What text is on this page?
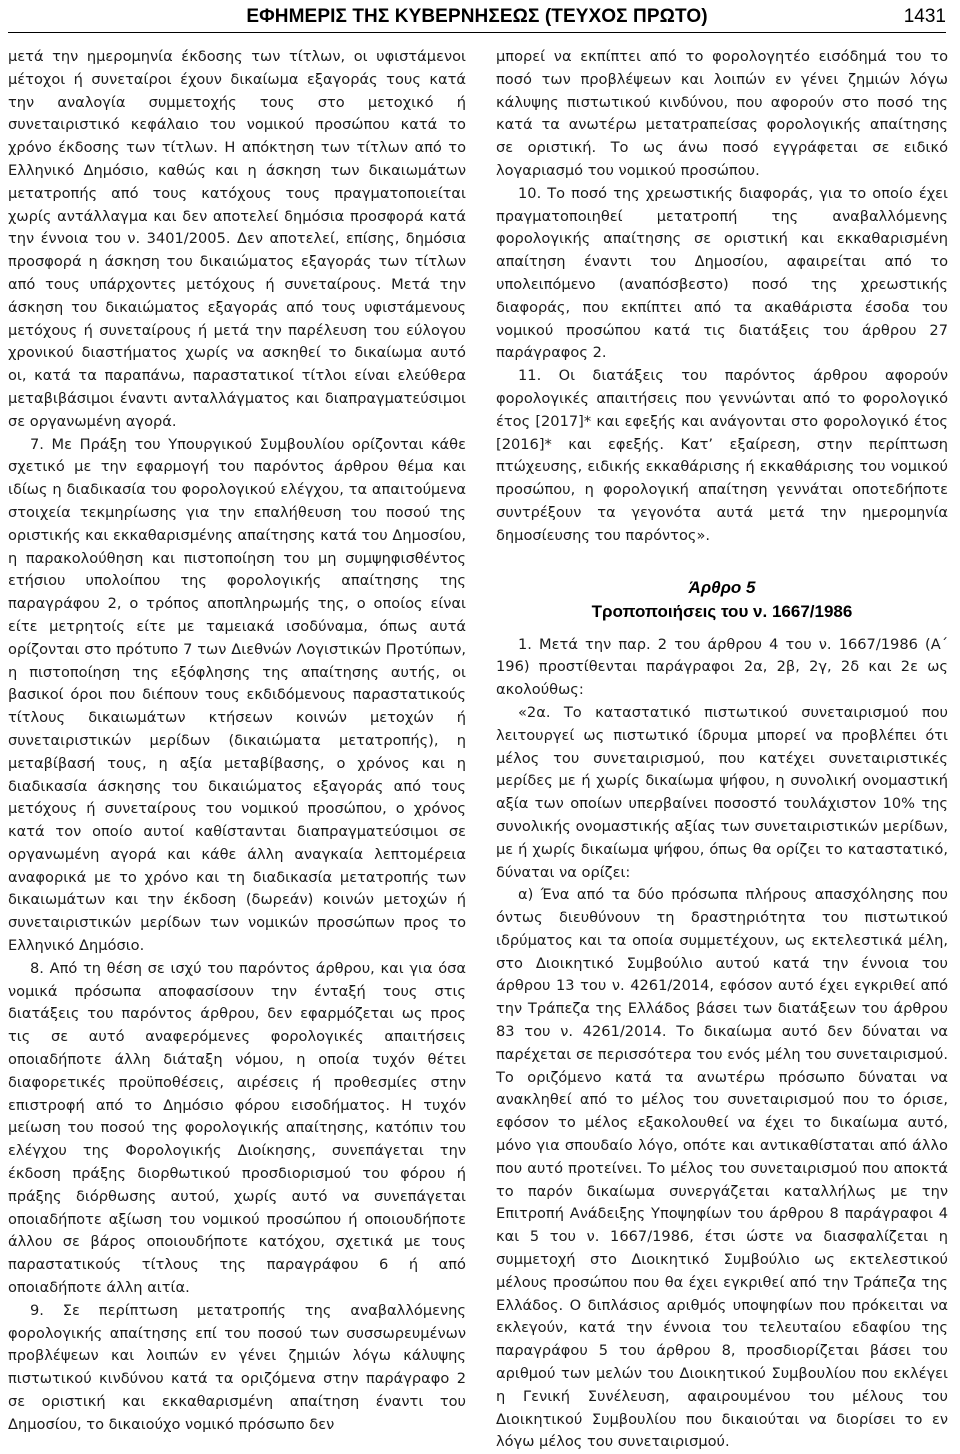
ΕΦΗΜΕΡΙΣ ΤΗΣ ΚΥΒΕΡΝΗΣΕΩΣ (ΤΕΥΧΟΣ ΠΡΩΤΟ)	1431

μετά την ημερομηνία έκδοσης των τίτλων, οι υφιστάμενοι μέτοχοι ή συνεταίροι έχουν δικαίωμα εξαγοράς τους κατά την αναλογία συμμετοχής τους στο μετοχικό ή συνεταιριστικό κεφάλαιο του νομικού προσώπου κατά το χρόνο έκδοσης των τίτλων. Η απόκτηση των τίτλων από το Ελληνικό Δημόσιο, καθώς και η άσκηση των δικαιωμάτων μετατροπής από τους κατόχους τους πραγματοποιείται χωρίς αντάλλαγμα και δεν αποτελεί δημόσια προσφορά κατά την έννοια του ν. 3401/2005. Δεν αποτελεί, επίσης, δημόσια προσφορά η άσκηση του δικαιώματος εξαγοράς των τίτλων από τους υπάρχοντες μετόχους ή συνεταίρους. Μετά την άσκηση του δικαιώματος εξαγοράς από τους υφιστάμενους μετόχους ή συνεταίρους ή μετά την παρέλευση του εύλογου χρονικού διαστήματος χωρίς να ασκηθεί το δικαίωμα αυτό οι, κατά τα παραπάνω, παραστατικοί τίτλοι είναι ελεύθερα μεταβιβάσιμοι έναντι ανταλλάγματος και διαπραγματεύσιμοι σε οργανωμένη αγορά.

7. Με Πράξη του Υπουργικού Συμβουλίου ορίζονται κάθε σχετικό με την εφαρμογή του παρόντος άρθρου θέμα και ιδίως η διαδικασία του φορολογικού ελέγχου, τα απαιτούμενα στοιχεία τεκμηρίωσης για την επαλήθευση του ποσού της οριστικής και εκκαθαρισμένης απαίτησης κατά του Δημοσίου, η παρακολούθηση και πιστοποίηση του μη συμψηφισθέντος ετήσιου υπολοίπου της φορολογικής απαίτησης της παραγράφου 2, ο τρόπος αποπληρωμής της, ο οποίος είναι είτε μετρητοίς είτε με ταμειακά ισοδύναμα, όπως αυτά ορίζονται στο πρότυπο 7 των Διεθνών Λογιστικών Προτύπων, η πιστοποίηση της εξόφλησης της απαίτησης αυτής, οι βασικοί όροι που διέπουν τους εκδιδόμενους παραστατικούς τίτλους δικαιωμάτων κτήσεων κοινών μετοχών ή συνεταιριστικών μερίδων (δικαιώματα μετατροπής), η μεταβίβασή τους, η αξία μεταβίβασης, ο χρόνος και η διαδικασία άσκησης του δικαιώματος εξαγοράς από τους μετόχους ή συνεταίρους του νομικού προσώπου, ο χρόνος κατά τον οποίο αυτοί καθίστανται διαπραγματεύσιμοι σε οργανωμένη αγορά και κάθε άλλη αναγκαία λεπτομέρεια αναφορικά με το χρόνο και τη διαδικασία μετατροπής των δικαιωμάτων και την έκδοση (δωρεάν) κοινών μετοχών ή συνεταιριστικών μερίδων των νομικών προσώπων προς το Ελληνικό Δημόσιο.

8. Από τη θέση σε ισχύ του παρόντος άρθρου, και για όσα νομικά πρόσωπα αποφασίσουν την ένταξή τους στις διατάξεις του παρόντος άρθρου, δεν εφαρμόζεται ως προς τις σε αυτό αναφερόμενες φορολογικές απαιτήσεις οποιαδήποτε άλλη διάταξη νόμου, η οποία τυχόν θέτει διαφορετικές προϋποθέσεις, αιρέσεις ή προθεσμίες στην επιστροφή από το Δημόσιο φόρου εισοδήματος. Η τυχόν μείωση του ποσού της φορολογικής απαίτησης, κατόπιν του ελέγχου της Φορολογικής Διοίκησης, συνεπάγεται την έκδοση πράξης διορθωτικού προσδιορισμού του φόρου ή πράξης διόρθωσης αυτού, χωρίς αυτό να συνεπάγεται οποιαδήποτε αξίωση του νομικού προσώπου ή οποιουδήποτε άλλου σε βάρος οποιουδήποτε κατόχου, σχετικά με τους παραστατικούς τίτλους της παραγράφου 6 ή από οποιαδήποτε άλλη αιτία.

9. Σε περίπτωση μετατροπής της αναβαλλόμενης φορολογικής απαίτησης επί του ποσού των συσσωρευμένων προβλέψεων και λοιπών εν γένει ζημιών λόγω κάλυψης πιστωτικού κινδύνου κατά τα οριζόμενα στην παράγραφο 2 σε οριστική και εκκαθαρισμένη απαίτηση έναντι του Δημοσίου, το δικαιούχο νομικό πρόσωπο δεν

μπορεί να εκπίπτει από το φορολογητέο εισόδημά του το ποσό των προβλέψεων και λοιπών εν γένει ζημιών λόγω κάλυψης πιστωτικού κινδύνου, που αφορούν στο ποσό της κατά τα ανωτέρω μετατραπείσας φορολογικής απαίτησης σε οριστική. Το ως άνω ποσό εγγράφεται σε ειδικό λογαριασμό του νομικού προσώπου.

10. Το ποσό της χρεωστικής διαφοράς, για το οποίο έχει πραγματοποιηθεί μετατροπή της αναβαλλόμενης φορολογικής απαίτησης σε οριστική και εκκαθαρισμένη απαίτηση έναντι του Δημοσίου, αφαιρείται από το υπολειπόμενο (αναπόσβεστο) ποσό της χρεωστικής διαφοράς, που εκπίπτει από τα ακαθάριστα έσοδα του νομικού προσώπου κατά τις διατάξεις του άρθρου 27 παράγραφος 2.

11. Οι διατάξεις του παρόντος άρθρου αφορούν φορολογικές απαιτήσεις που γεννώνται από το φορολογικό έτος [2017]* και εφεξής και ανάγονται στο φορολογικό έτος [2016]* και εφεξής. Κατ’ εξαίρεση, στην περίπτωση πτώχευσης, ειδικής εκκαθάρισης ή εκκαθάρισης του νομικού προσώπου, η φορολογική απαίτηση γεννάται οποτεδήποτε συντρέξουν τα γεγονότα αυτά μετά την ημερομηνία δημοσίευσης του παρόντος».

Άρθρο 5
Τροποποιήσεις του ν. 1667/1986

1. Μετά την παρ. 2 του άρθρου 4 του ν. 1667/1986 (Α΄ 196) προστίθενται παράγραφοι 2α, 2β, 2γ, 2δ και 2ε ως ακολούθως:

«2α. Το καταστατικό πιστωτικού συνεταιρισμού που λειτουργεί ως πιστωτικό ίδρυμα μπορεί να προβλέπει ότι μέλος του συνεταιρισμού, που κατέχει συνεταιριστικές μερίδες με ή χωρίς δικαίωμα ψήφου, η συνολική ονομαστική αξία των οποίων υπερβαίνει ποσοστό τουλάχιστον 10% της συνολικής ονομαστικής αξίας των συνεταιριστικών μερίδων, με ή χωρίς δικαίωμα ψήφου, όπως θα ορίζει το καταστατικό, δύναται να ορίζει:

α) Ένα από τα δύο πρόσωπα πλήρους απασχόλησης που όντως διευθύνουν τη δραστηριότητα του πιστωτικού ιδρύματος και τα οποία συμμετέχουν, ως εκτελεστικά μέλη, στο Διοικητικό Συμβούλιο αυτού κατά την έννοια του άρθρου 13 του ν. 4261/2014, εφόσον αυτό έχει εγκριθεί από την Τράπεζα της Ελλάδος βάσει των διατάξεων του άρθρου 83 του ν. 4261/2014. Το δικαίωμα αυτό δεν δύναται να παρέχεται σε περισσότερα του ενός μέλη του συνεταιρισμού. Το οριζόμενο κατά τα ανωτέρω πρόσωπο δύναται να ανακληθεί από το μέλος του συνεταιρισμού που το όρισε, εφόσον το μέλος εξακολουθεί να έχει το δικαίωμα αυτό, μόνο για σπουδαίο λόγο, οπότε και αντικαθίσταται από άλλο που αυτό προτείνει. Το μέλος του συνεταιρισμού που αποκτά το παρόν δικαίωμα συνεργάζεται καταλλήλως με την Επιτροπή Ανάδειξης Υποψηφίων του άρθρου 8 παράγραφοι 4 και 5 του ν. 1667/1986, έτσι ώστε να διασφαλίζεται η συμμετοχή στο Διοικητικό Συμβούλιο ως εκτελεστικού μέλους προσώπου που θα έχει εγκριθεί από την Τράπεζα της Ελλάδος. Ο διπλάσιος αριθμός υποψηφίων που πρόκειται να εκλεγούν, κατά την έννοια του τελευταίου εδαφίου της παραγράφου 5 του άρθρου 8, προσδιορίζεται βάσει του αριθμού των μελών του Διοικητικού Συμβουλίου που εκλέγει η Γενική Συνέλευση, αφαιρουμένου του μέλους του Διοικητικού Συμβουλίου που δικαιούται να διορίσει το εν λόγω μέλος του συνεταιρισμού.
